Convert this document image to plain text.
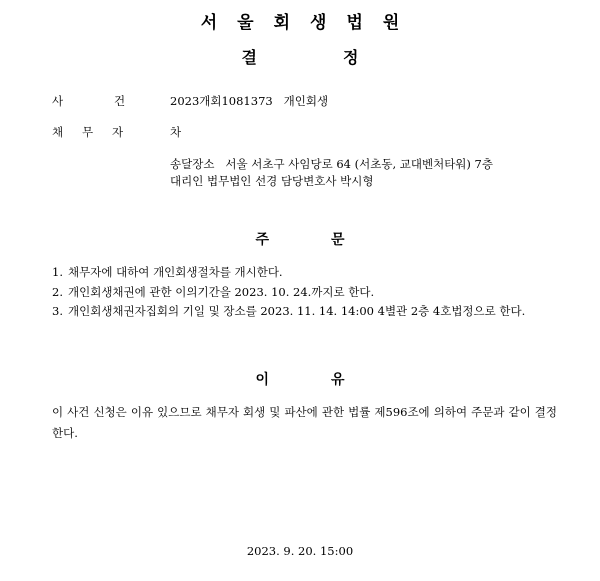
서 울 회 생 법 원
결	정
사	건	2023개회1081373   개인회생
채 무 자	차
송달장소   서울 서초구 사임당로 64 (서초동, 교대벤처타워) 7층
대리인 법무법인 선경 담당변호사 박시형
주	문
1. 채무자에 대하여 개인회생절차를 개시한다.
2. 개인회생채권에 관한 이의기간을 2023. 10. 24.까지로 한다.
3. 개인회생채권자집회의 기일 및 장소를 2023. 11. 14. 14:00 4별관 2층 4호법정으로 한다.
이	유
이 사건 신청은 이유 있으므로 채무자 회생 및 파산에 관한 법률 제596조에 의하여 주문과 같이 결정한다.
2023. 9. 20. 15:00
